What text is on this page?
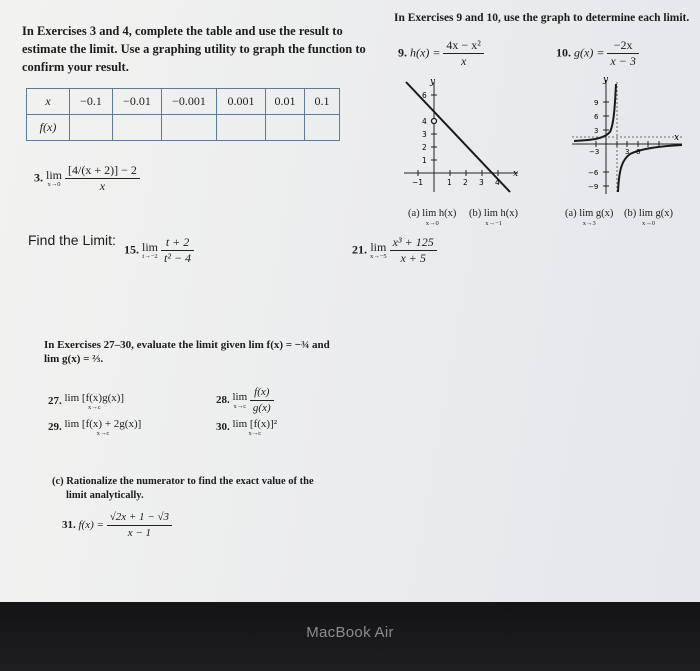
In Exercises 3 and 4, complete the table and use the result to estimate the limit. Use a graphing utility to graph the function to confirm your result.
x	−0.1	−0.01	−0.001	0.001	0.01	0.1
f(x)						
3. lim
x→0
$\frac{[4/(x + 2)] - 2}{x}$
In Exercises 9 and 10, use the graph to determine each limit.
9. $h(x) = \frac{\text{4x − x²}}{x}$	10. $g(x) = \frac{-2x}{x - 3}$
y
x
6
4
3
2
1
−1	1 2 3 4
y
x
9
6
3
−6
−9
−3	3 6
(a) lim h(x)
x→0
(b) lim h(x)
x→−1
(a) lim g(x)
x→3
(b) lim g(x)
x→0
Find the Limit:
15. lim
t→−2
$\frac{t + 2}{\text{t² − 4}}$	21. lim
x→−5
$\frac{\text{x³ + 125}}{x + 5}$
In Exercises 27–30, evaluate the limit given lim f(x) = −¾ and
lim g(x) = ⅔.
27. lim [f(x)g(x)]
x→c
28. lim
x→c
$\frac{f(x)}{g(x)}$
29. lim [f(x) + 2g(x)]
x→c
30. lim [f(x)]²
x→c
(c) Rationalize the numerator to find the exact value of the
limit analytically.
31. $f(x) = \frac{√2x + 1 - √3}{x - 1}$
MacBook Air
